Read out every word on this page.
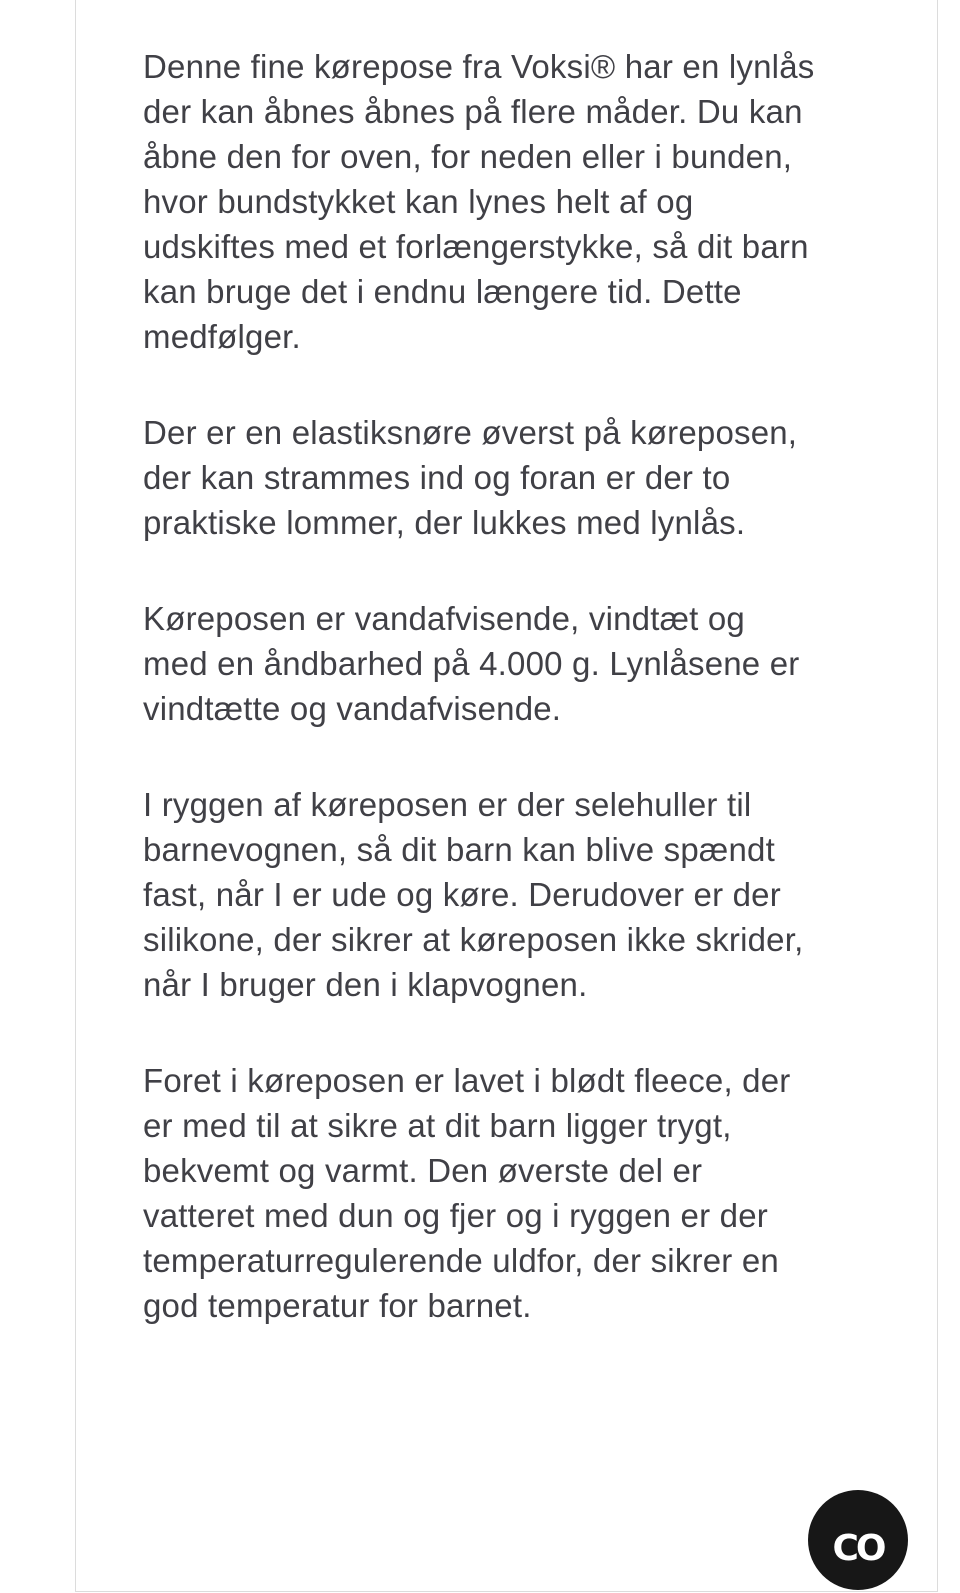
Denne fine kørepose fra Voksi® har en lynlås der kan åbnes åbnes på flere måder. Du kan åbne den for oven, for neden eller i bunden, hvor bundstykket kan lynes helt af og udskiftes med et forlængerstykke, så dit barn kan bruge det i endnu længere tid. Dette medfølger.

Der er en elastiksnøre øverst på køreposen, der kan strammes ind og foran er der to praktiske lommer, der lukkes med lynlås.

Køreposen er vandafvisende, vindtæt og med en åndbarhed på 4.000 g. Lynlåsene er vindtætte og vandafvisende.

I ryggen af køreposen er der selehuller til barnevognen, så dit barn kan blive spændt fast, når I er ude og køre. Derudover er der silikone, der sikrer at køreposen ikke skrider, når I bruger den i klapvognen.

Foret i køreposen er lavet i blødt fleece, der er med til at sikre at dit barn ligger trygt, bekvemt og varmt. Den øverste del er vatteret med dun og fjer og i ryggen er der temperaturregulerende uldfor, der sikrer en god temperatur for barnet.

CO
